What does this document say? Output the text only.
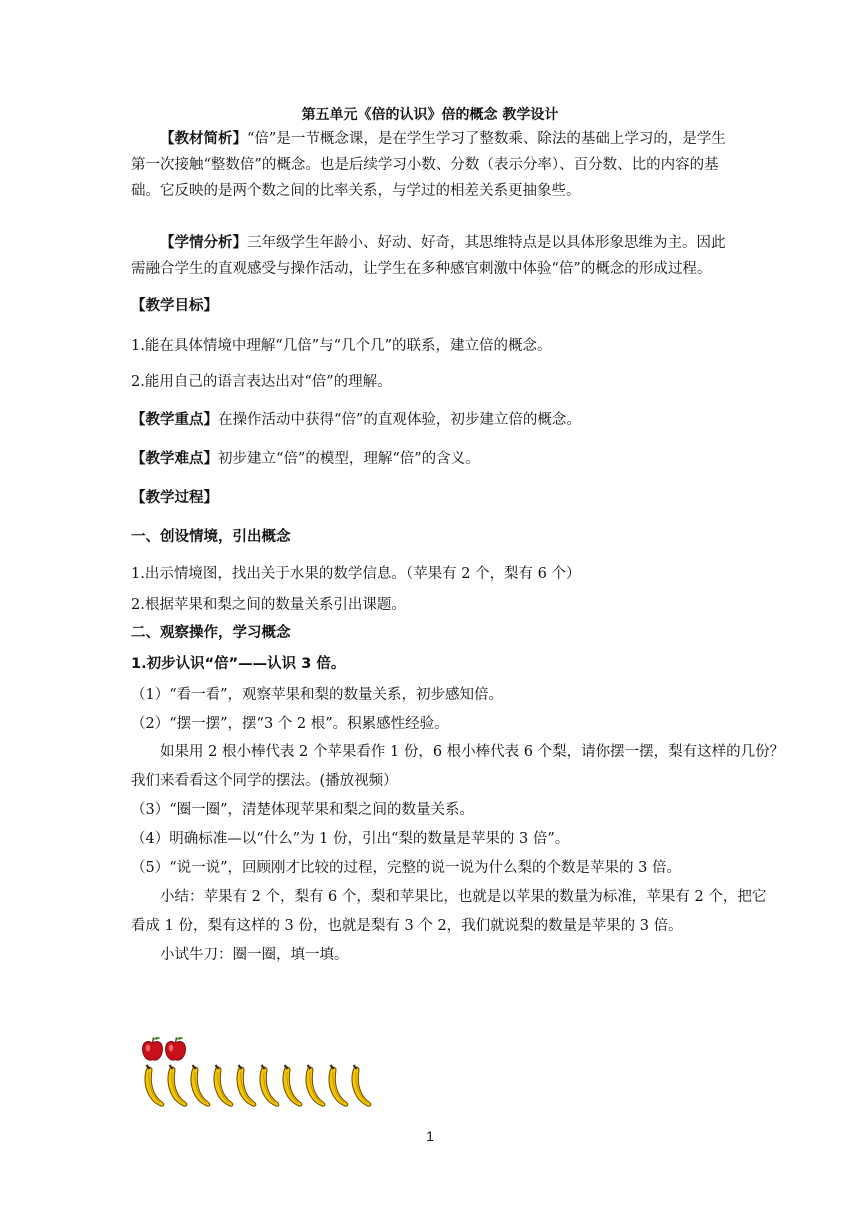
第五单元《倍的认识》倍的概念 教学设计
【教材简析】“倍”是一节概念课，是在学生学习了整数乘、除法的基础上学习的，是学生第一次接触“整数倍”的概念。也是后续学习小数、分数（表示分率）、百分数、比的内容的基础。它反映的是两个数之间的比率关系，与学过的相差关系更抽象些。
【学情分析】三年级学生年龄小、好动、好奇，其思维特点是以具体形象思维为主。因此需融合学生的直观感受与操作活动，让学生在多种感官刺激中体验“倍”的概念的形成过程。
【教学目标】
1.能在具体情境中理解“几倍”与“几个几”的联系，建立倍的概念。
2.能用自己的语言表达出对“倍”的理解。
【教学重点】在操作活动中获得“倍”的直观体验，初步建立倍的概念。
【教学难点】初步建立“倍”的模型，理解“倍”的含义。
【教学过程】
一、创设情境，引出概念
1.出示情境图，找出关于水果的数学信息。（苹果有 2 个，梨有 6 个）
2.根据苹果和梨之间的数量关系引出课题。
二、观察操作，学习概念
1.初步认识“倍”——认识 3 倍。
（1）“看一看”，观察苹果和梨的数量关系，初步感知倍。
（2）“摆一摆”，摆“3 个 2 根”。积累感性经验。
如果用 2 根小棒代表 2 个苹果看作 1 份，6 根小棒代表 6 个梨，请你摆一摆，梨有这样的几份？
我们来看看这个同学的摆法。(播放视频）
（3）“圈一圈”，清楚体现苹果和梨之间的数量关系。
（4）明确标准—以“什么”为 1 份，引出“梨的数量是苹果的 3 倍”。
（5）“说一说”，回顾刚才比较的过程，完整的说一说为什么梨的个数是苹果的 3 倍。
小结：苹果有 2 个，梨有 6 个，梨和苹果比，也就是以苹果的数量为标准，苹果有 2 个，把它
看成 1 份，梨有这样的 3 份，也就是梨有 3 个 2，我们就说梨的数量是苹果的 3 倍。
小试牛刀：圈一圈，填一填。
1
